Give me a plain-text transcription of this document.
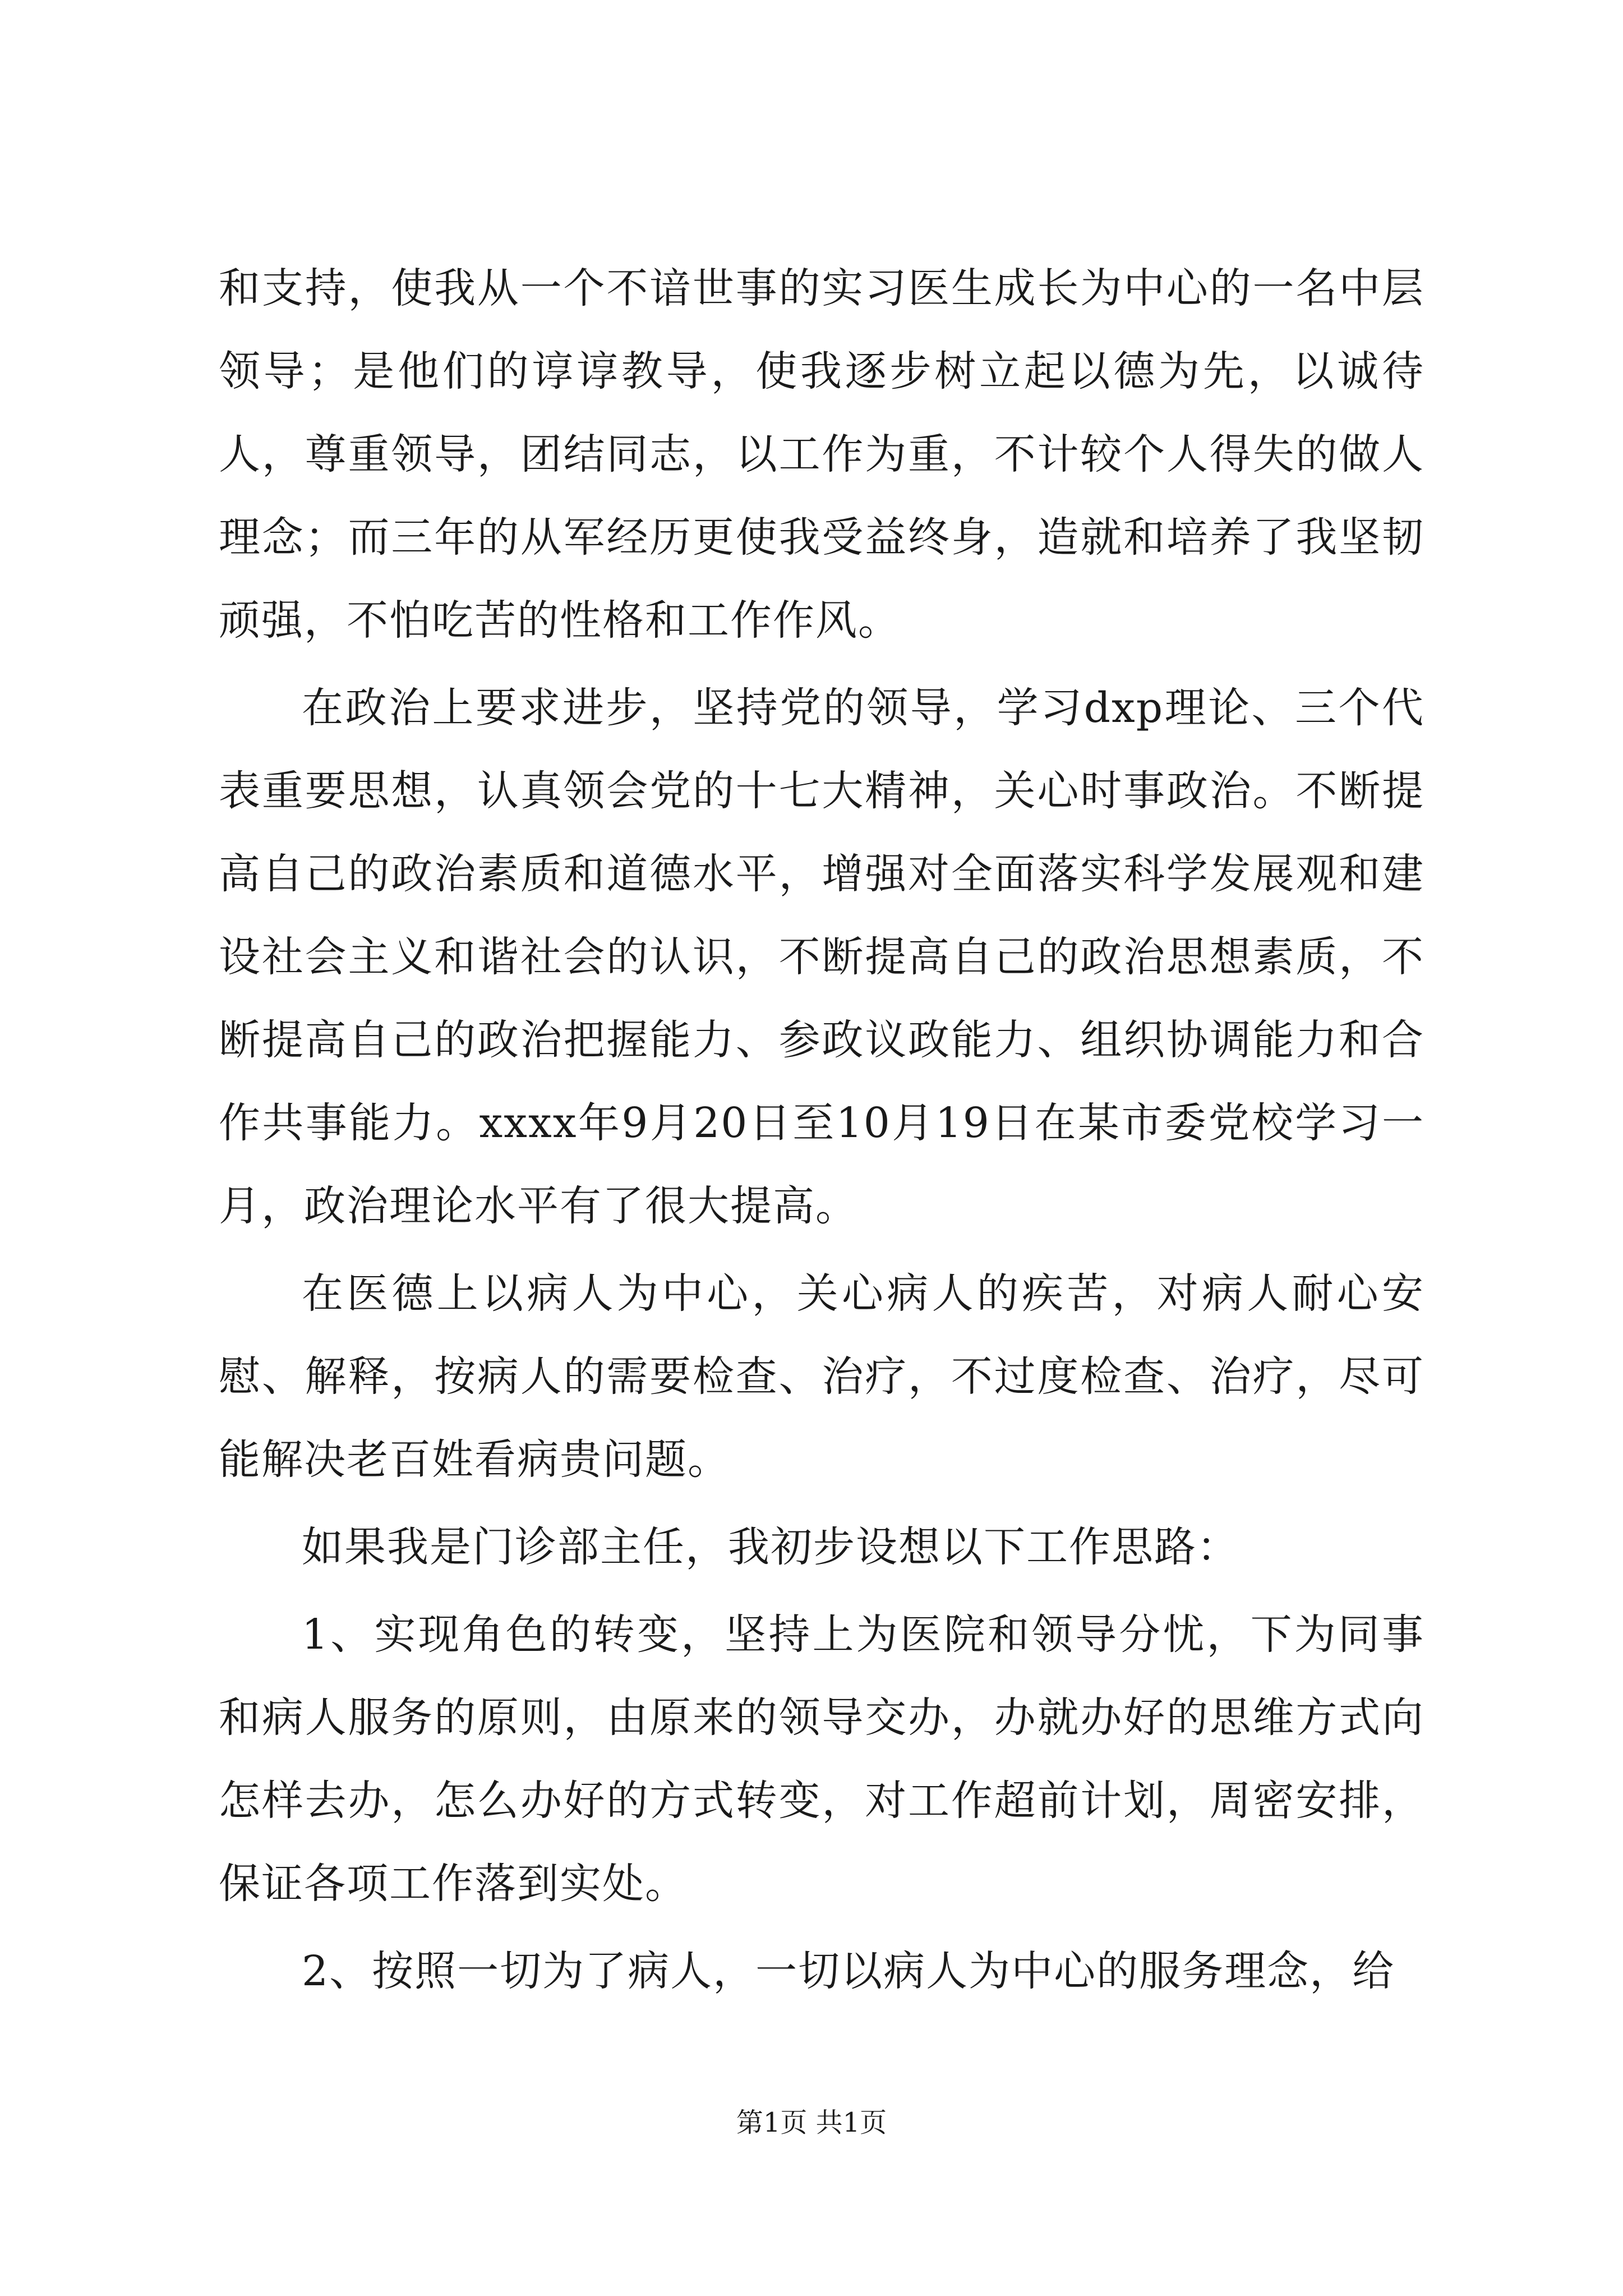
和支持，使我从一个不谙世事的实习医生成长为中心的一名中层领导；是他们的谆谆教导，使我逐步树立起以德为先，以诚待人，尊重领导，团结同志，以工作为重，不计较个人得失的做人理念；而三年的从军经历更使我受益终身，造就和培养了我坚韧顽强，不怕吃苦的性格和工作作风。

在政治上要求进步，坚持党的领导，学习dxp理论、三个代表重要思想，认真领会党的十七大精神，关心时事政治。不断提高自己的政治素质和道德水平，增强对全面落实科学发展观和建设社会主义和谐社会的认识，不断提高自己的政治思想素质，不断提高自己的政治把握能力、参政议政能力、组织协调能力和合作共事能力。xxxx年9月20日至10月19日在某市委党校学习一月，政治理论水平有了很大提高。

在医德上以病人为中心，关心病人的疾苦，对病人耐心安慰、解释，按病人的需要检查、治疗，不过度检查、治疗，尽可能解决老百姓看病贵问题。

如果我是门诊部主任，我初步设想以下工作思路：

1、实现角色的转变，坚持上为医院和领导分忧，下为同事和病人服务的原则，由原来的领导交办，办就办好的思维方式向怎样去办，怎么办好的方式转变，对工作超前计划，周密安排，保证各项工作落到实处。

2、按照一切为了病人，一切以病人为中心的服务理念，给

第1页 共1页
